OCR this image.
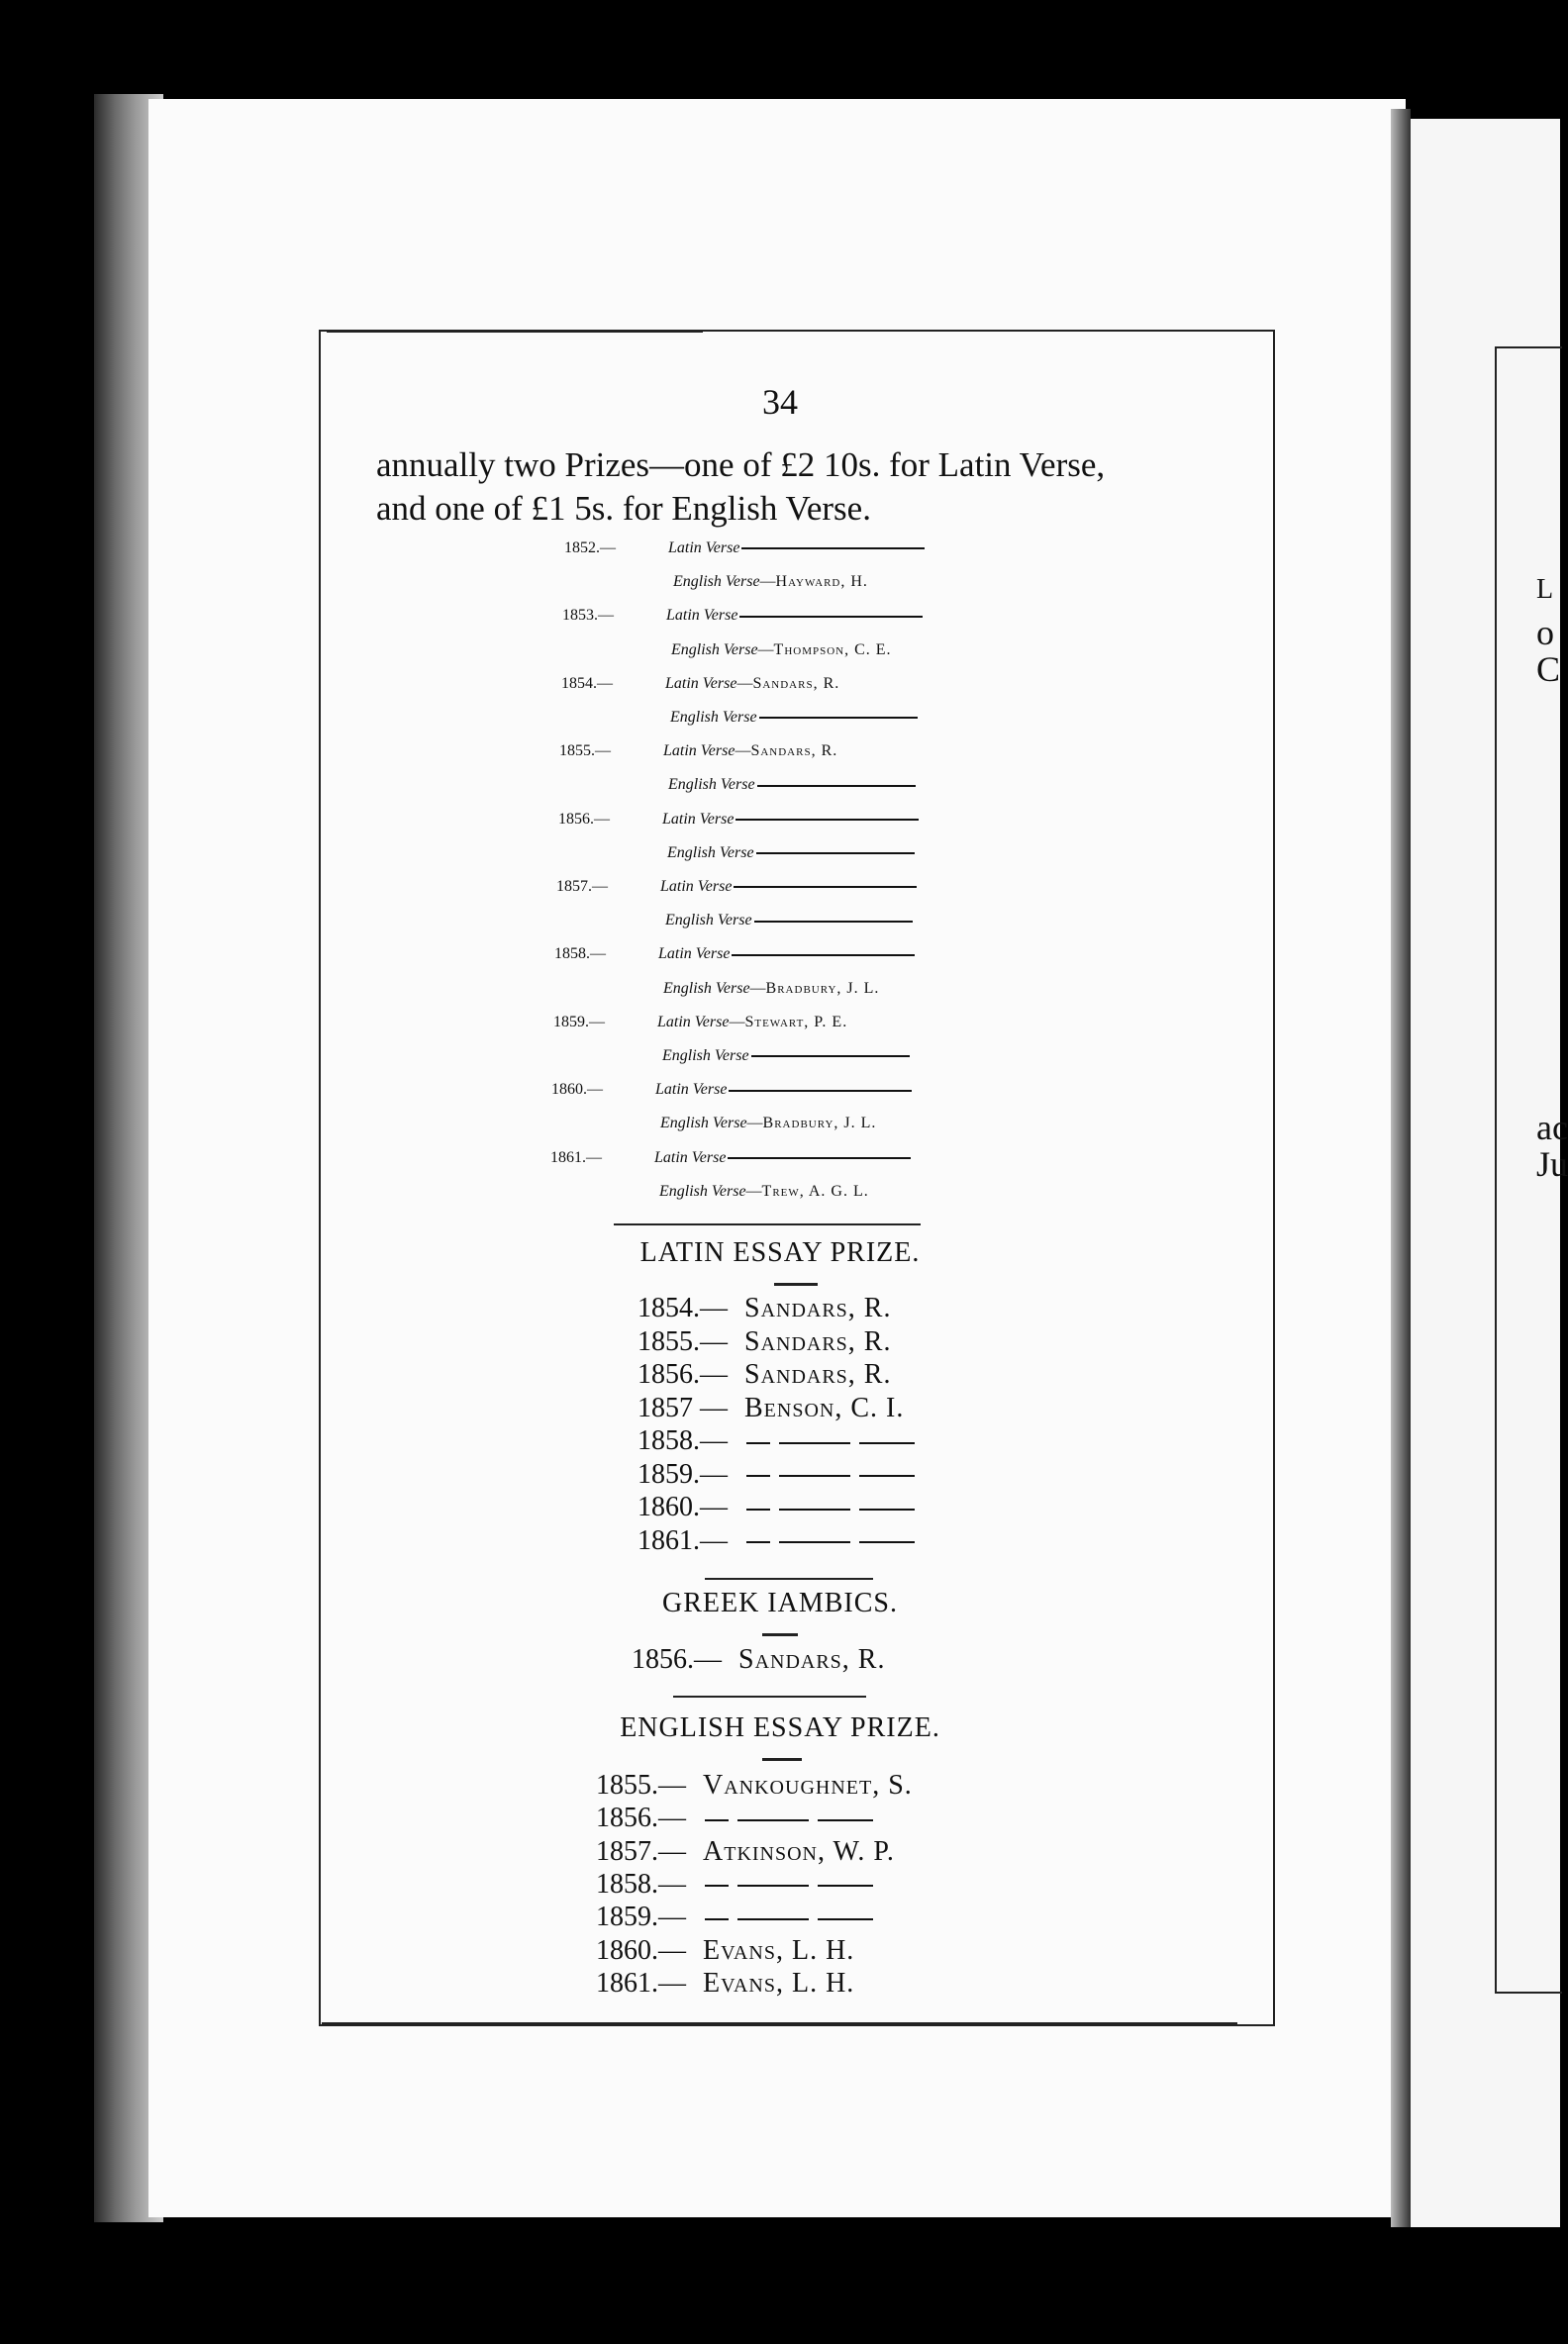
L
o
C
ac
Ju
34
annually two Prizes—one of £2 10s. for Latin Verse,
and one of £1 5s. for English Verse.
1852.—	Latin Verse
English Verse—Hayward, H.
1853.—	Latin Verse
English Verse—Thompson, C. E.
1854.—	Latin Verse—Sandars, R.
English Verse
1855.—	Latin Verse—Sandars, R.
English Verse
1856.—	Latin Verse
English Verse
1857.—	Latin Verse
English Verse
1858.—	Latin Verse
English Verse—Bradbury, J. L.
1859.—	Latin Verse—Stewart, P. E.
English Verse
1860.—	Latin Verse
English Verse—Bradbury, J. L.
1861.—	Latin Verse
English Verse—Trew, A. G. L.
LATIN ESSAY PRIZE.
1854.— Sandars, R.
1855.— Sandars, R.
1856.— Sandars, R.
1857 — Benson, C. I.
1858.—
1859.—
1860.—
1861.—
GREEK IAMBICS.
1856.— Sandars, R.
ENGLISH ESSAY PRIZE.
1855.— Vankoughnet, S.
1856.—
1857.— Atkinson, W. P.
1858.—
1859.—
1860.— Evans, L. H.
1861.— Evans, L. H.
